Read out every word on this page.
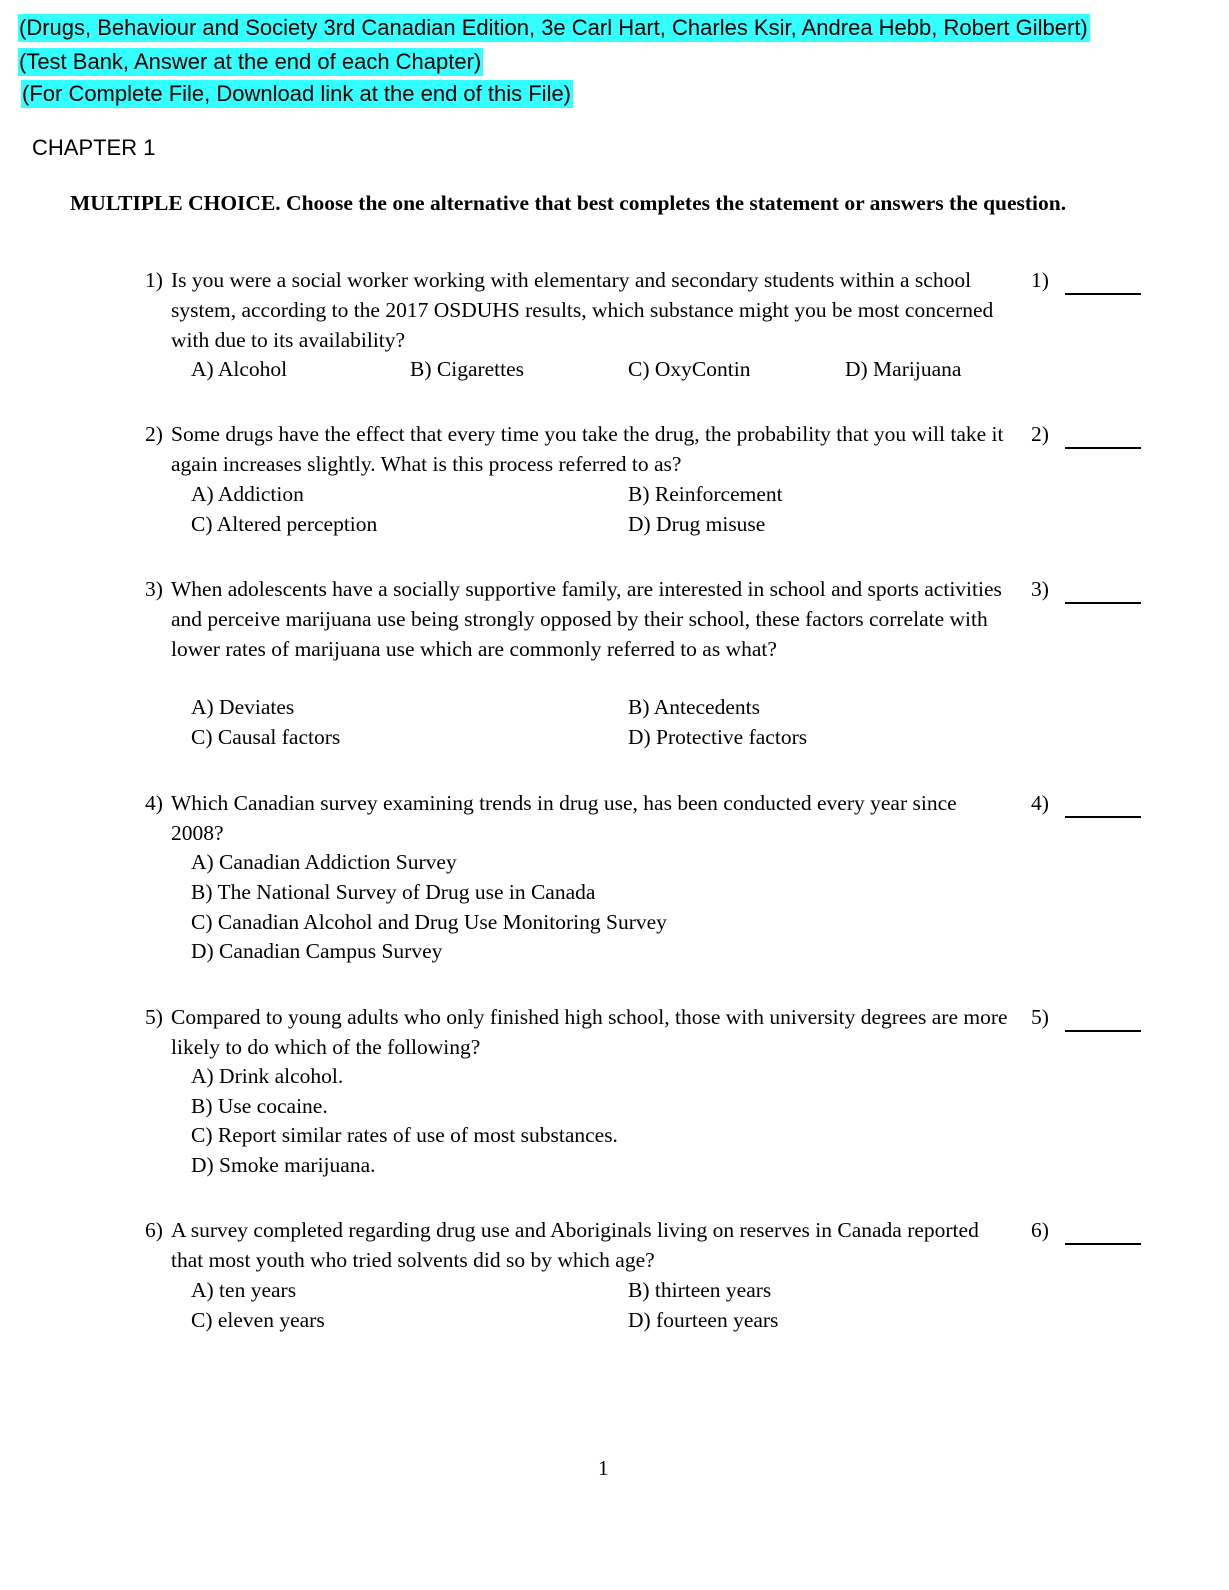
(Drugs, Behaviour and Society 3rd Canadian Edition, 3e Carl Hart, Charles Ksir, Andrea Hebb, Robert Gilbert)
(Test Bank, Answer at the end of each Chapter)
(For Complete File, Download link at the end of this File)
CHAPTER 1
MULTIPLE CHOICE. Choose the one alternative that best completes the statement or answers the question.
1) Is you were a social worker working with elementary and secondary students within a school system, according to the 2017 OSDUHS results, which substance might you be most concerned with due to its availability?
1)
A) Alcohol	B) Cigarettes	C) OxyContin	D) Marijuana
2) Some drugs have the effect that every time you take the drug, the probability that you will take it again increases slightly. What is this process referred to as?
2)
A) Addiction	B) Reinforcement
C) Altered perception	D) Drug misuse
3) When adolescents have a socially supportive family, are interested in school and sports activities and perceive marijuana use being strongly opposed by their school, these factors correlate with lower rates of marijuana use which are commonly referred to as what?
3)
A) Deviates	B) Antecedents
C) Causal factors	D) Protective factors
4) Which Canadian survey examining trends in drug use, has been conducted every year since 2008?
4)
A) Canadian Addiction Survey
B) The National Survey of Drug use in Canada
C) Canadian Alcohol and Drug Use Monitoring Survey
D) Canadian Campus Survey
5) Compared to young adults who only finished high school, those with university degrees are more likely to do which of the following?
5)
A) Drink alcohol.
B) Use cocaine.
C) Report similar rates of use of most substances.
D) Smoke marijuana.
6) A survey completed regarding drug use and Aboriginals living on reserves in Canada reported that most youth who tried solvents did so by which age?
6)
A) ten years	B) thirteen years
C) eleven years	D) fourteen years
1
